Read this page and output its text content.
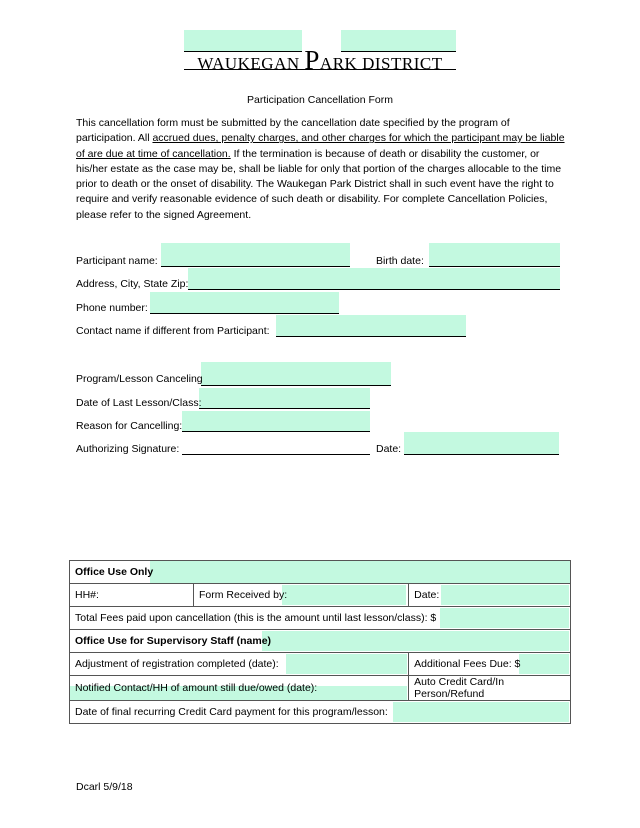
WAUKEGAN PARK DISTRICT
Participation Cancellation Form
This cancellation form must be submitted by the cancellation date specified by the program of participation. All accrued dues, penalty charges, and other charges for which the participant may be liable of are due at time of cancellation. If the termination is because of death or disability the customer, or his/her estate as the case may be, shall be liable for only that portion of the charges allocable to the time prior to death or the onset of disability. The Waukegan Park District shall in such event have the right to require and verify reasonable evidence of such death or disability. For complete Cancellation Policies, please refer to the signed Agreement.
Participant name:	Birth date:
Address, City, State Zip:
Phone number:
Contact name if different from Participant:
Program/Lesson Canceling
Date of Last Lesson/Class:
Reason for Cancelling:
Authorizing Signature:	Date:
Office Use Only		
HH#:	Form Received by:	Date:

Total Fees paid upon cancellation (this is the amount until last lesson/class): $		

Office Use for Supervisory Staff (name)		

Adjustment of registration completed (date):		Additional Fees Due: $

Notified Contact/HH of amount still due/owed (date):		Auto Credit Card/In Person/Refund

Date of final recurring Credit Card payment for this program/lesson:		
Dcarl 5/9/18
